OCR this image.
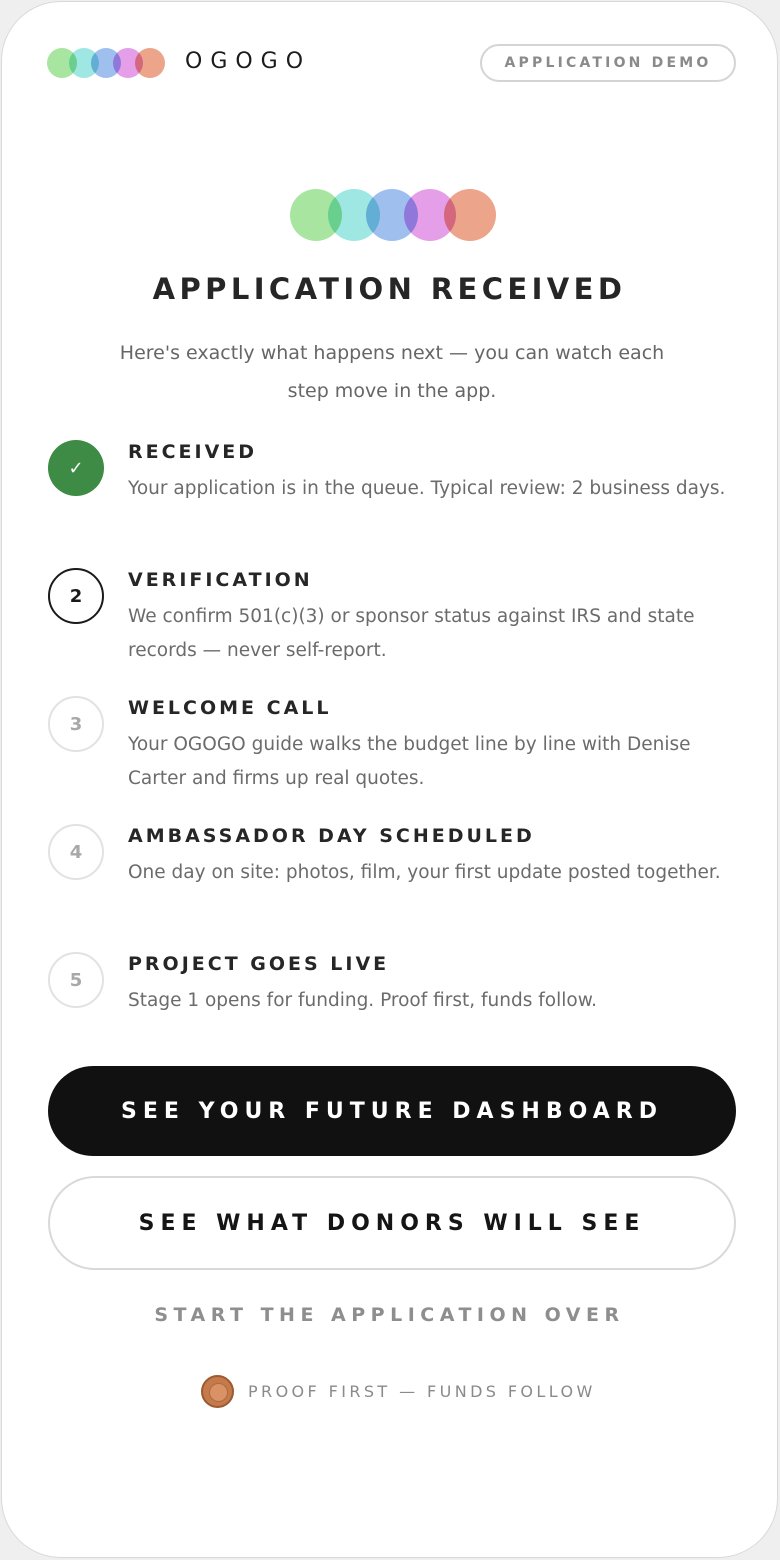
OGOGO	APPLICATION DEMO
APPLICATION RECEIVED

Here's exactly what happens next — you can watch each step move in the app.

✓
RECEIVED
Your application is in the queue. Typical review: 2 business days.
2
VERIFICATION
We confirm 501(c)(3) or sponsor status against IRS and state records — never self-report.
3
WELCOME CALL
Your OGOGO guide walks the budget line by line with Denise Carter and firms up real quotes.
4
AMBASSADOR DAY SCHEDULED
One day on site: photos, film, your first update posted together.
5
PROJECT GOES LIVE
Stage 1 opens for funding. Proof first, funds follow.
SEE YOUR FUTURE DASHBOARD
SEE WHAT DONORS WILL SEE
START THE APPLICATION OVER
PROOF FIRST — FUNDS FOLLOW
